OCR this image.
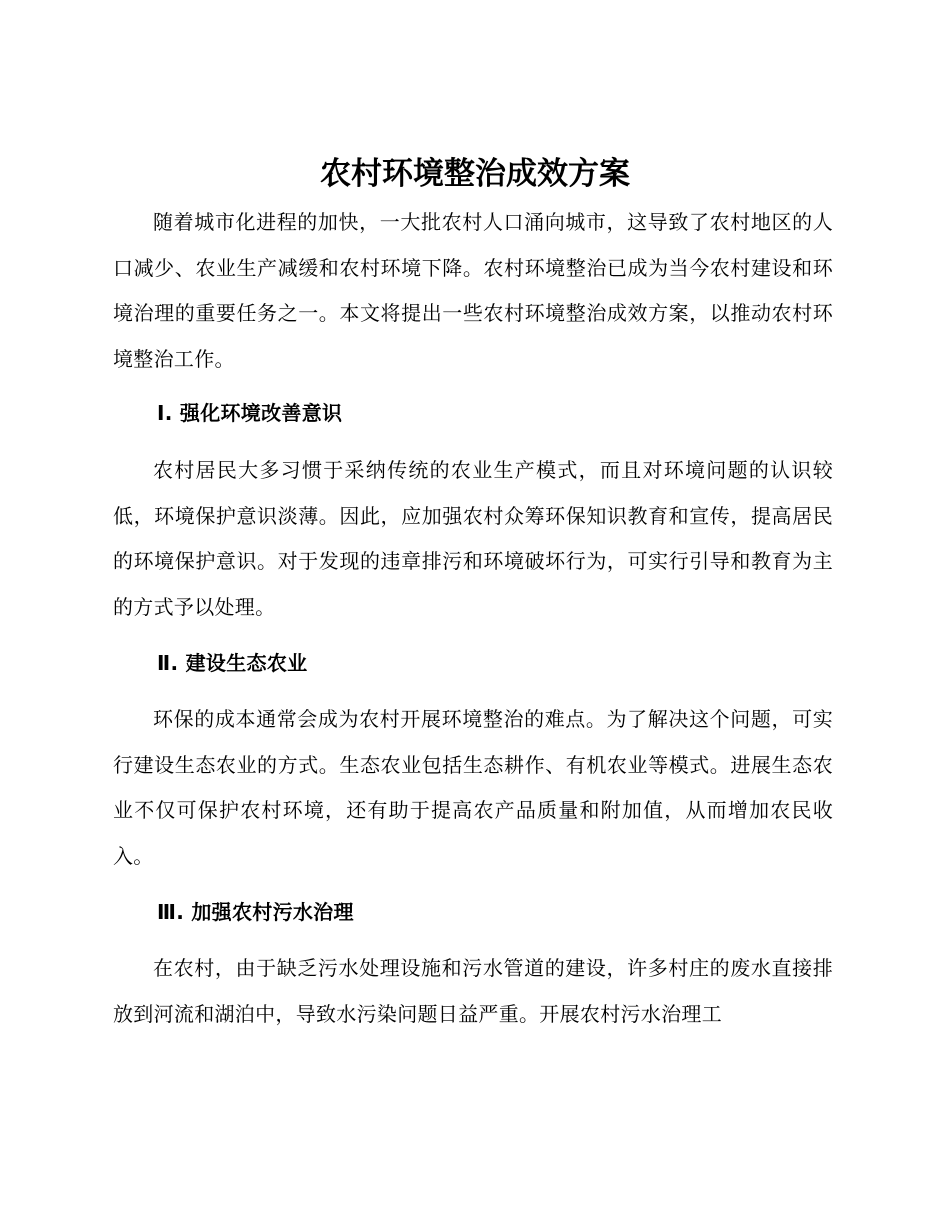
农村环境整治成效方案

随着城市化进程的加快，一大批农村人口涌向城市，这导致了农村地区的人口减少、农业生产减缓和农村环境下降。农村环境整治已成为当今农村建设和环境治理的重要任务之一。本文将提出一些农村环境整治成效方案，以推动农村环境整治工作。

Ⅰ. 强化环境改善意识

农村居民大多习惯于采纳传统的农业生产模式，而且对环境问题的认识较低，环境保护意识淡薄。因此，应加强农村众筹环保知识教育和宣传，提高居民的环境保护意识。对于发现的违章排污和环境破坏行为，可实行引导和教育为主的方式予以处理。

Ⅱ. 建设生态农业

环保的成本通常会成为农村开展环境整治的难点。为了解决这个问题，可实行建设生态农业的方式。生态农业包括生态耕作、有机农业等模式。进展生态农业不仅可保护农村环境，还有助于提高农产品质量和附加值，从而增加农民收入。

Ⅲ. 加强农村污水治理

在农村，由于缺乏污水处理设施和污水管道的建设，许多村庄的废水直接排放到河流和湖泊中，导致水污染问题日益严重。开展农村污水治理工
